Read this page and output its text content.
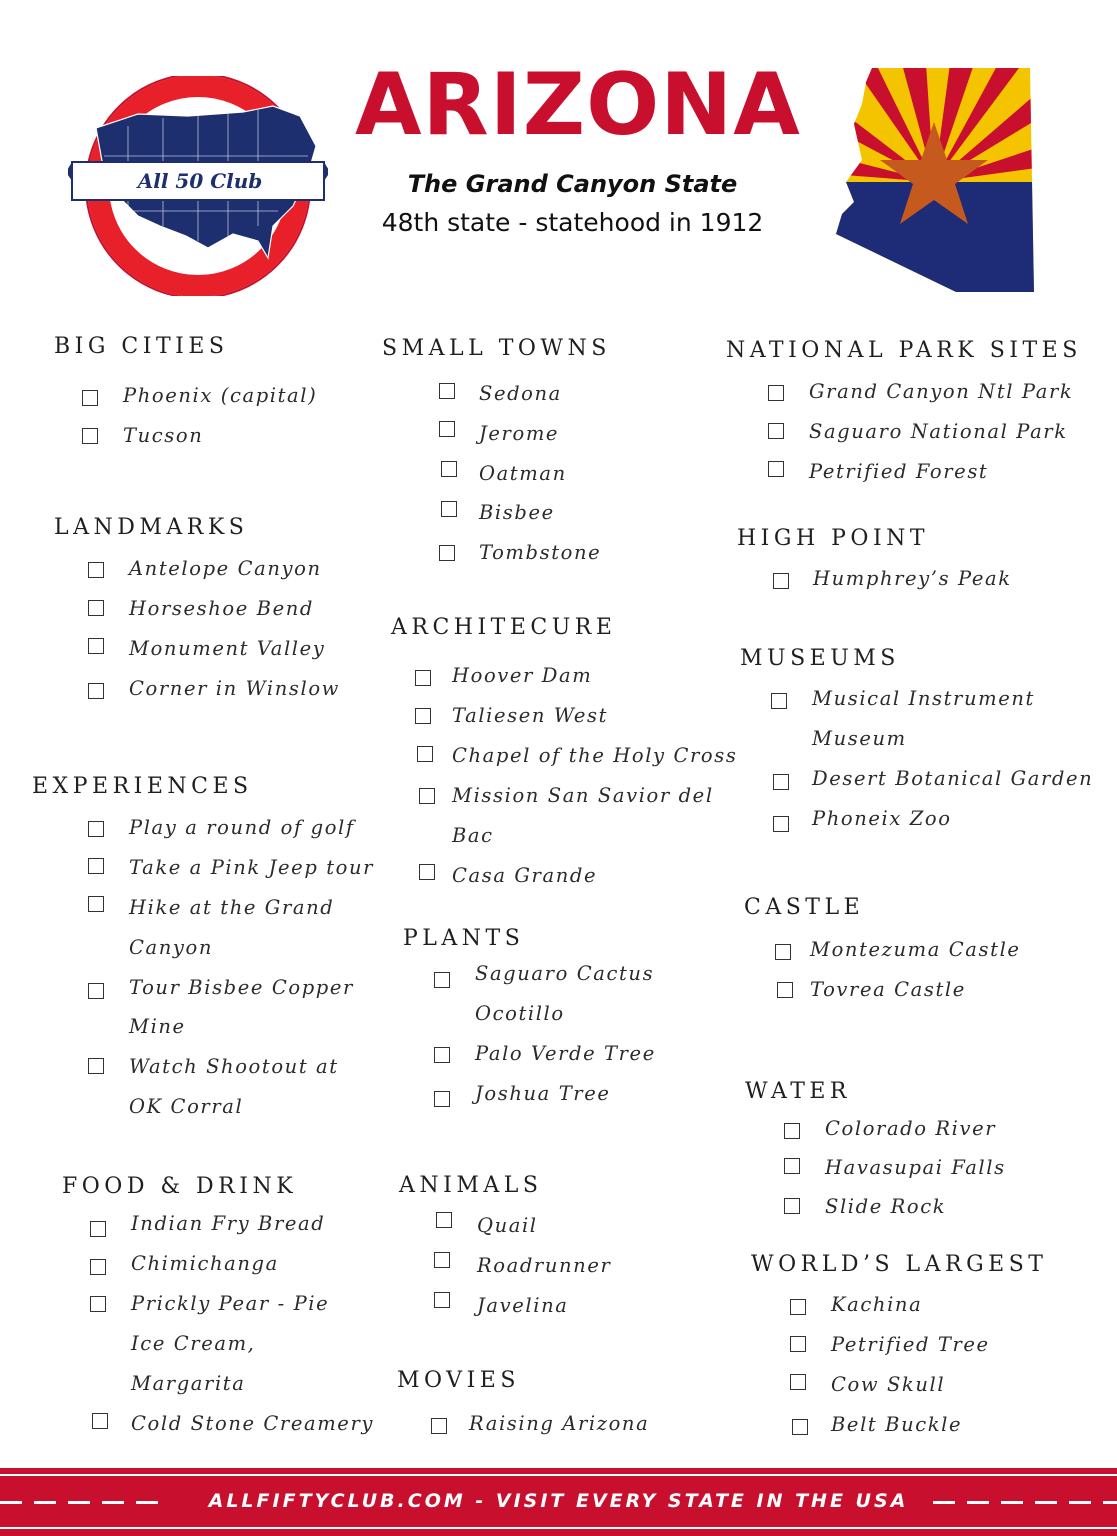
All 50 Club
ARIZONA
The Grand Canyon State
48th state - statehood in 1912
BIG CITIES
Phoenix (capital)
Tucson
LANDMARKS
Antelope Canyon
Horseshoe Bend
Monument Valley
Corner in Winslow
EXPERIENCES
Play a round of golf
Take a Pink Jeep tour
Hike at the Grand
Canyon
Tour Bisbee Copper
Mine
Watch Shootout at
OK Corral
FOOD & DRINK
Indian Fry Bread
Chimichanga
Prickly Pear - Pie
Ice Cream,
Margarita
Cold Stone Creamery
SMALL TOWNS
Sedona
Jerome
Oatman
Bisbee
Tombstone
ARCHITECURE
Hoover Dam
Taliesen West
Chapel of the Holy Cross
Mission San Savior del
Bac
Casa Grande
PLANTS
Saguaro Cactus
Ocotillo
Palo Verde Tree
Joshua Tree
ANIMALS
Quail
Roadrunner
Javelina
MOVIES
Raising Arizona
NATIONAL PARK SITES
Grand Canyon Ntl Park
Saguaro National Park
Petrified Forest
HIGH POINT
Humphrey’s Peak
MUSEUMS
Musical Instrument
Museum
Desert Botanical Garden
Phoneix Zoo
CASTLE
Montezuma Castle
Tovrea Castle
WATER
Colorado River
Havasupai Falls
Slide Rock
WORLD’S LARGEST
Kachina
Petrified Tree
Cow Skull
Belt Buckle
ALLFIFTYCLUB.COM - VISIT EVERY STATE IN THE USA
